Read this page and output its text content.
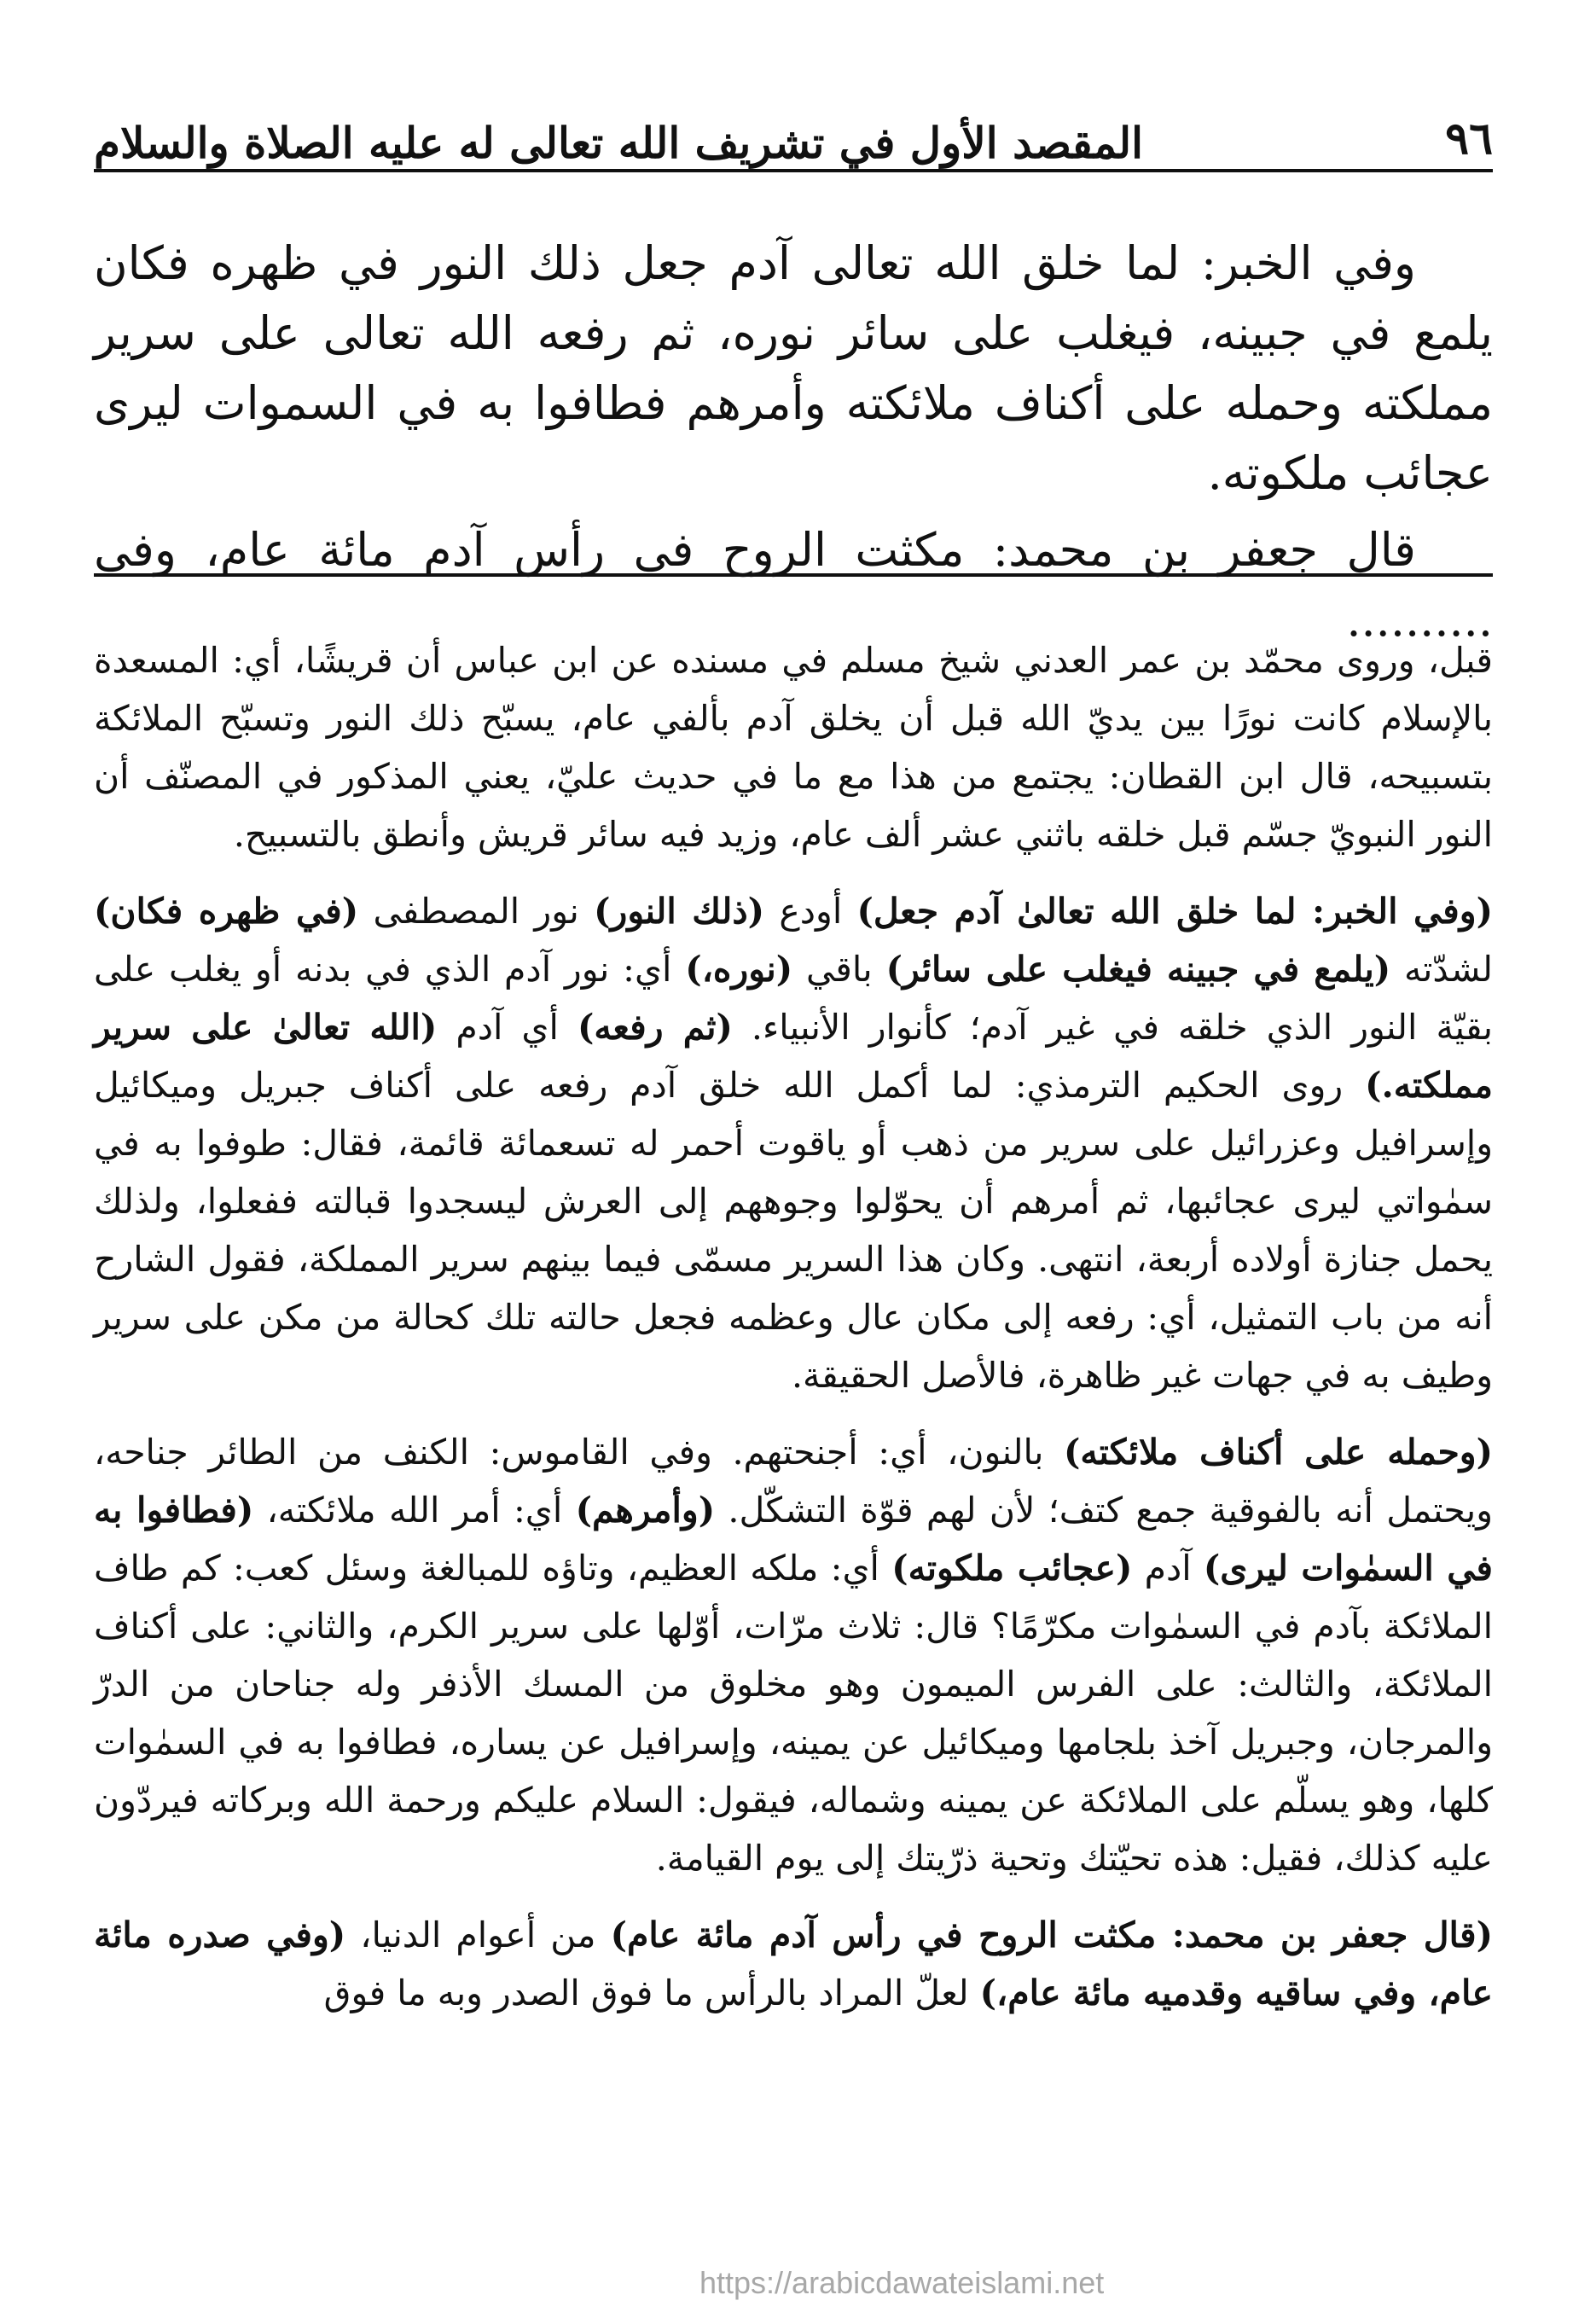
٩٦
المقصد الأول في تشريف الله تعالى له عليه الصلاة والسلام

وفي الخبر: لما خلق الله تعالى آدم جعل ذلك النور في ظهره فكان يلمع في جبينه، فيغلب على سائر نوره، ثم رفعه الله تعالى على سرير مملكته وحمله على أكناف ملائكته وأمرهم فطافوا به في السموات ليرى عجائب ملكوته.

قال جعفر بن محمد: مكثت الروح في رأس آدم مائة عام، وفي ..........

قبل، وروى محمّد بن عمر العدني شيخ مسلم في مسنده عن ابن عباس أن قريشًا، أي: المسعدة بالإسلام كانت نورًا بين يديّ الله قبل أن يخلق آدم بألفي عام، يسبّح ذلك النور وتسبّح الملائكة بتسبيحه، قال ابن القطان: يجتمع من هذا مع ما في حديث عليّ، يعني المذكور في المصنّف أن النور النبويّ جسّم قبل خلقه باثني عشر ألف عام، وزيد فيه سائر قريش وأنطق بالتسبيح.

(وفي الخبر: لما خلق الله تعالىٰ آدم جعل) أودع (ذلك النور) نور المصطفى (في ظهره فكان) لشدّته (يلمع في جبينه فيغلب على سائر) باقي (نوره،) أي: نور آدم الذي في بدنه أو يغلب على بقيّة النور الذي خلقه في غير آدم؛ كأنوار الأنبياء. (ثم رفعه) أي آدم (الله تعالىٰ على سرير مملكته.) روى الحكيم الترمذي: لما أكمل الله خلق آدم رفعه على أكناف جبريل وميكائيل وإسرافيل وعزرائيل على سرير من ذهب أو ياقوت أحمر له تسعمائة قائمة، فقال: طوفوا به في سمٰواتي ليرى عجائبها، ثم أمرهم أن يحوّلوا وجوههم إلى العرش ليسجدوا قبالته ففعلوا، ولذلك يحمل جنازة أولاده أربعة، انتهى. وكان هذا السرير مسمّى فيما بينهم سرير المملكة، فقول الشارح أنه من باب التمثيل، أي: رفعه إلى مكان عال وعظمه فجعل حالته تلك كحالة من مكن على سرير وطيف به في جهات غير ظاهرة، فالأصل الحقيقة.

(وحمله على أكناف ملائكته) بالنون، أي: أجنحتهم. وفي القاموس: الكنف من الطائر جناحه، ويحتمل أنه بالفوقية جمع كتف؛ لأن لهم قوّة التشكّل. (وأمرهم) أي: أمر الله ملائكته، (فطافوا به في السمٰوات ليرى) آدم (عجائب ملكوته) أي: ملكه العظيم، وتاؤه للمبالغة وسئل كعب: كم طاف الملائكة بآدم في السمٰوات مكرّمًا؟ قال: ثلاث مرّات، أوّلها على سرير الكرم، والثاني: على أكناف الملائكة، والثالث: على الفرس الميمون وهو مخلوق من المسك الأذفر وله جناحان من الدرّ والمرجان، وجبريل آخذ بلجامها وميكائيل عن يمينه، وإسرافيل عن يساره، فطافوا به في السمٰوات كلها، وهو يسلّم على الملائكة عن يمينه وشماله، فيقول: السلام عليكم ورحمة الله وبركاته فيردّون عليه كذلك، فقيل: هذه تحيّتك وتحية ذرّيتك إلى يوم القيامة.

(قال جعفر بن محمد: مكثت الروح في رأس آدم مائة عام) من أعوام الدنيا، (وفي صدره مائة عام، وفي ساقيه وقدميه مائة عام،) لعلّ المراد بالرأس ما فوق الصدر وبه ما فوق

https://arabicdawateislami.net
